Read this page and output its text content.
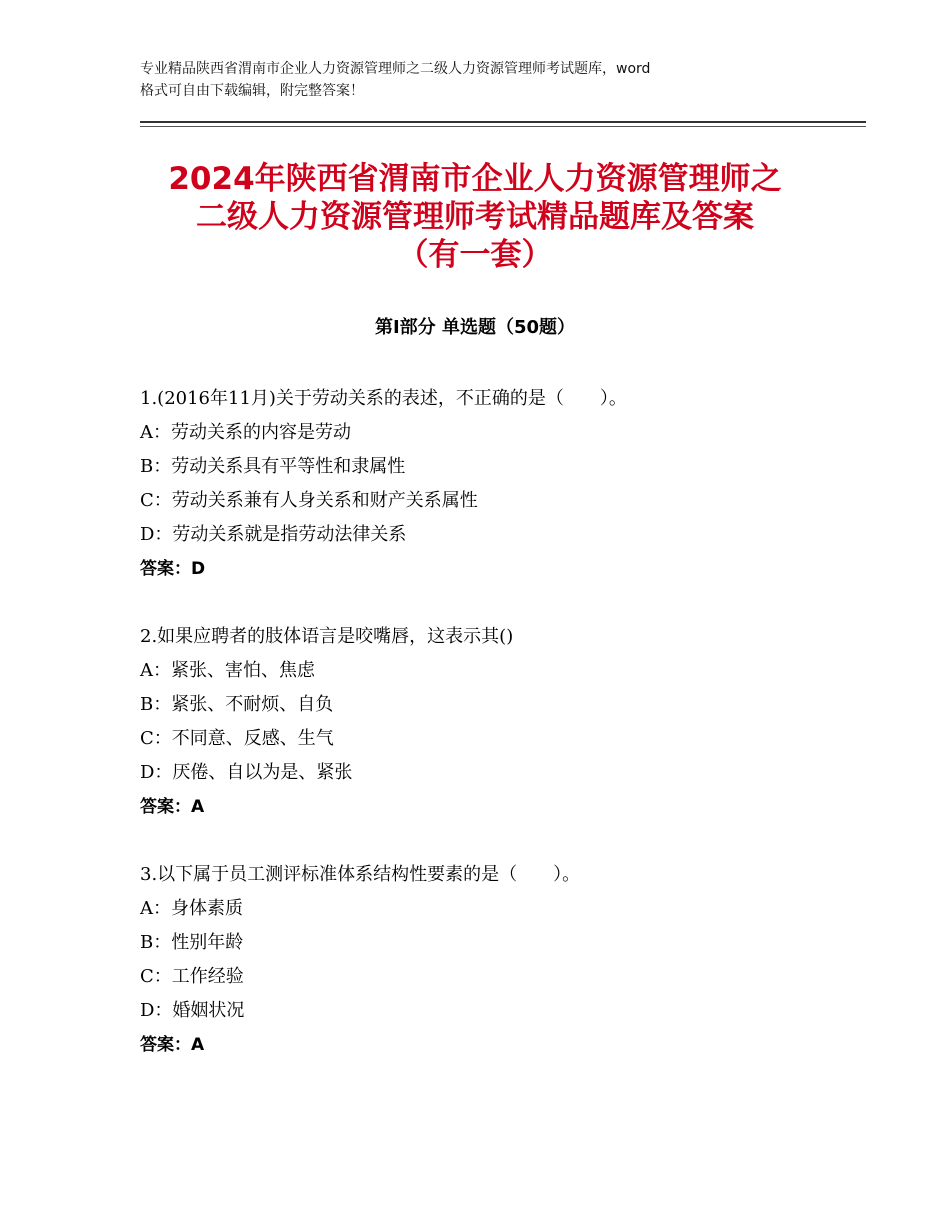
专业精品陕西省渭南市企业人力资源管理师之二级人力资源管理师考试题库，word
格式可自由下载编辑，附完整答案！
2024年陕西省渭南市企业人力资源管理师之
二级人力资源管理师考试精品题库及答案
（有一套）
第Ⅰ部分 单选题（50题）
1.(2016年11月)关于劳动关系的表述，不正确的是（　　）。
A：劳动关系的内容是劳动
B：劳动关系具有平等性和隶属性
C：劳动关系兼有人身关系和财产关系属性
D：劳动关系就是指劳动法律关系
答案：D
2.如果应聘者的肢体语言是咬嘴唇，这表示其()
A：紧张、害怕、焦虑
B：紧张、不耐烦、自负
C：不同意、反感、生气
D：厌倦、自以为是、紧张
答案：A
3.以下属于员工测评标准体系结构性要素的是（　　）。
A：身体素质
B：性别年龄
C：工作经验
D：婚姻状况
答案：A
